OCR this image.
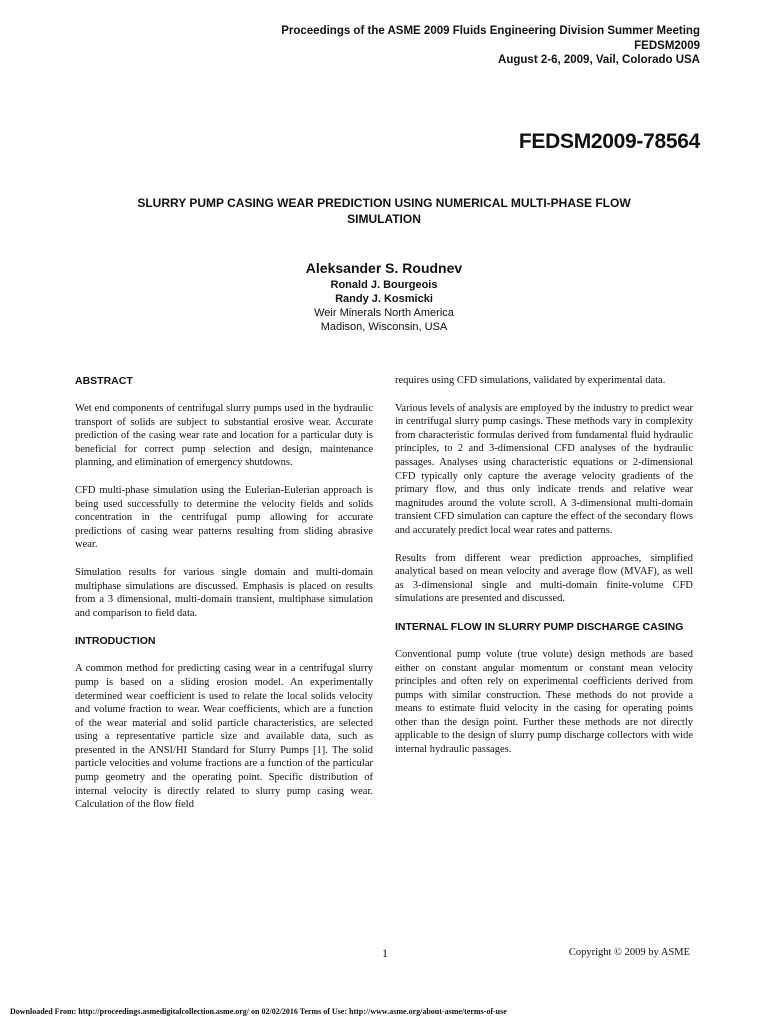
Proceedings of the ASME 2009 Fluids Engineering Division Summer Meeting
FEDSM2009
August 2-6, 2009, Vail, Colorado USA
FEDSM2009-78564
SLURRY PUMP CASING WEAR PREDICTION USING NUMERICAL MULTI-PHASE FLOW SIMULATION
Aleksander S. Roudnev
Ronald J. Bourgeois
Randy J. Kosmicki
Weir Minerals North America
Madison, Wisconsin, USA
ABSTRACT

Wet end components of centrifugal slurry pumps used in the hydraulic transport of solids are subject to substantial erosive wear. Accurate prediction of the casing wear rate and location for a particular duty is beneficial for correct pump selection and design, maintenance planning, and elimination of emergency shutdowns.

CFD multi-phase simulation using the Eulerian-Eulerian approach is being used successfully to determine the velocity fields and solids concentration in the centrifugal pump allowing for accurate predictions of casing wear patterns resulting from sliding abrasive wear.

Simulation results for various single domain and multi-domain multiphase simulations are discussed. Emphasis is placed on results from a 3 dimensional, multi-domain transient, multiphase simulation and comparison to field data.

INTRODUCTION

A common method for predicting casing wear in a centrifugal slurry pump is based on a sliding erosion model. An experimentally determined wear coefficient is used to relate the local solids velocity and volume fraction to wear. Wear coefficients, which are a function of the wear material and solid particle characteristics, are selected using a representative particle size and available data, such as presented in the ANSI/HI Standard for Slurry Pumps [1]. The solid particle velocities and volume fractions are a function of the particular pump geometry and the operating point. Specific distribution of internal velocity is directly related to slurry pump casing wear. Calculation of the flow field

requires using CFD simulations, validated by experimental data.

Various levels of analysis are employed by the industry to predict wear in centrifugal slurry pump casings. These methods vary in complexity from characteristic formulas derived from fundamental fluid hydraulic principles, to 2 and 3-dimensional CFD analyses of the hydraulic passages. Analyses using characteristic equations or 2-dimensional CFD typically only capture the average velocity gradients of the primary flow, and thus only indicate trends and relative wear magnitudes around the volute scroll. A 3-dimensional multi-domain transient CFD simulation can capture the effect of the secondary flows and accurately predict local wear rates and patterns.

Results from different wear prediction approaches, simplified analytical based on mean velocity and average flow (MVAF), as well as 3-dimensional single and multi-domain finite-volume CFD simulations are presented and discussed.

INTERNAL FLOW IN SLURRY PUMP DISCHARGE CASING

Conventional pump volute (true volute) design methods are based either on constant angular momentum or constant mean velocity principles and often rely on experimental coefficients derived from pumps with similar construction. These methods do not provide a means to estimate fluid velocity in the casing for operating points other than the design point. Further these methods are not directly applicable to the design of slurry pump discharge collectors with wide internal hydraulic passages.

1	Copyright © 2009 by ASME
Downloaded From: http://proceedings.asmedigitalcollection.asme.org/ on 02/02/2016 Terms of Use: http://www.asme.org/about-asme/terms-of-use
